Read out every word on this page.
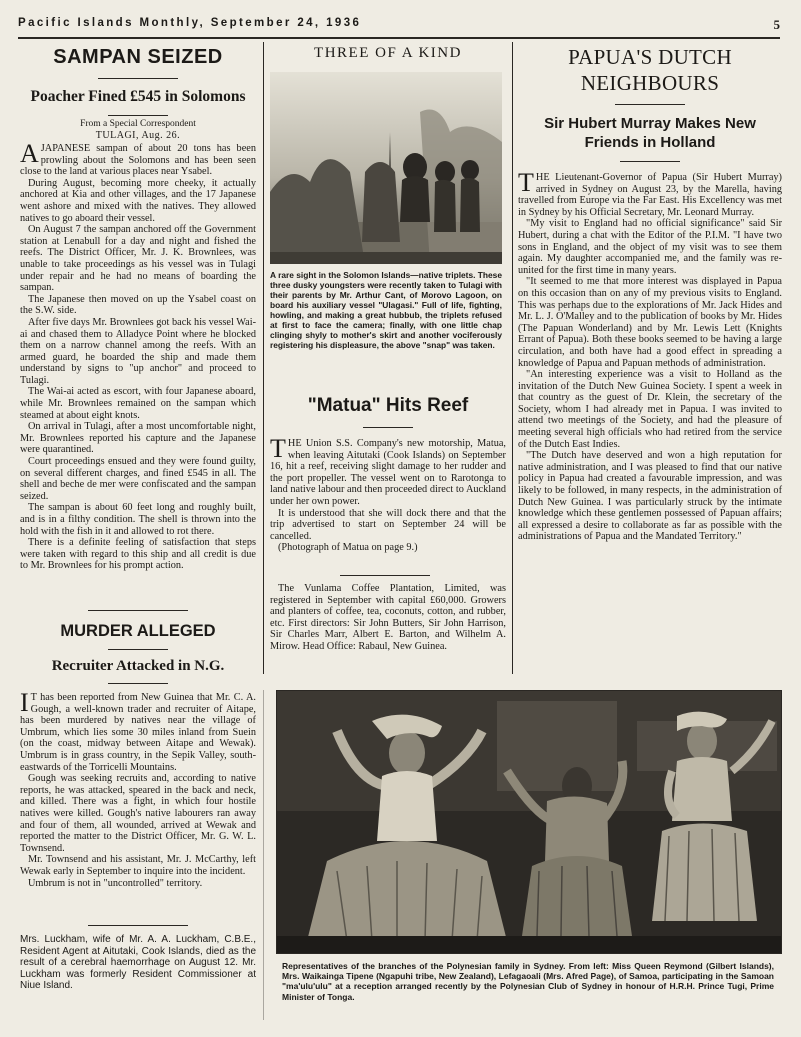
Pacific Islands Monthly, September 24, 1936	5
SAMPAN SEIZED
Poacher Fined £545 in Solomons

From a Special Correspondent

TULAGI, Aug. 26.

AJAPANESE sampan of about 20 tons has been prowling about the Solomons and has been seen close to the land at various places near Ysabel.

During August, becoming more cheeky, it actually anchored at Kia and other villages, and the 17 Japanese went ashore and mixed with the natives. They allowed natives to go aboard their vessel.

On August 7 the sampan anchored off the Government station at Lenabull for a day and night and fished the reefs. The District Officer, Mr. J. K. Brownlees, was unable to take proceedings as his vessel was in Tulagi under repair and he had no means of boarding the sampan.

The Japanese then moved on up the Ysabel coast on the S.W. side.

After five days Mr. Brownlees got back his vessel Wai-ai and chased them to Alladyce Point where he blocked them on a narrow channel among the reefs. With an armed guard, he boarded the ship and made them understand by signs to "up anchor" and proceed to Tulagi.

The Wai-ai acted as escort, with four Japanese aboard, while Mr. Brownlees remained on the sampan which steamed at about eight knots.

On arrival in Tulagi, after a most uncomfortable night, Mr. Brownlees reported his capture and the Japanese were quarantined.

Court proceedings ensued and they were found guilty, on several different charges, and fined £545 in all. The shell and beche de mer were confiscated and the sampan seized.

The sampan is about 60 feet long and roughly built, and is in a filthy condition. The shell is thrown into the hold with the fish in it and allowed to rot there.

There is a definite feeling of satisfaction that steps were taken with regard to this ship and all credit is due to Mr. Brownlees for his prompt action.

MURDER ALLEGED
Recruiter Attacked in N.G.

I T has been reported from New Guinea that Mr. C. A. Gough, a well-known trader and recruiter of Aitape, has been murdered by natives near the village of Umbrum, which lies some 30 miles inland from Suein (on the coast, midway between Aitape and Wewak). Umbrum is in grass country, in the Sepik Valley, south-eastwards of the Torricelli Mountains.

Gough was seeking recruits and, according to native reports, he was attacked, speared in the back and neck, and killed. There was a fight, in which four hostile natives were killed. Gough's native labourers ran away and four of them, all wounded, arrived at Wewak and reported the matter to the District Officer, Mr. G. W. L. Townsend.

Mr. Townsend and his assistant, Mr. J. McCarthy, left Wewak early in September to inquire into the incident.

Umbrum is not in "uncontrolled" territory.

Mrs. Luckham, wife of Mr. A. A. Luckham, C.B.E., Resident Agent at Aitutaki, Cook Islands, died as the result of a cerebral haemorrhage on August 12. Mr. Luckham was formerly Resident Commissioner at Niue Island.

THREE OF A KIND

A rare sight in the Solomon Islands—native triplets. These three dusky youngsters were recently taken to Tulagi with their parents by Mr. Arthur Cant, of Morovo Lagoon, on board his auxiliary vessel "Ulagasi." Full of life, fighting, howling, and making a great hubbub, the triplets refused at first to face the camera; finally, with one little chap clinging shyly to mother's skirt and another vociferously registering his displeasure, the above "snap" was taken.

"Matua" Hits Reef

THE Union S.S. Company's new motorship, Matua, when leaving Aitutaki (Cook Islands) on September 16, hit a reef, receiving slight damage to her rudder and the port propeller. The vessel went on to Rarotonga to land native labour and then proceeded direct to Auckland under her own power.

It is understood that she will dock there and that the trip advertised to start on September 24 will be cancelled.

(Photograph of Matua on page 9.)

The Vunlama Coffee Plantation, Limited, was registered in September with capital £60,000. Growers and planters of coffee, tea, coconuts, cotton, and rubber, etc. First directors: Sir John Butters, Sir John Harrison, Sir Charles Marr, Albert E. Barton, and Wilhelm A. Mirow. Head Office: Rabaul, New Guinea.

PAPUA'S DUTCH NEIGHBOURS
Sir Hubert Murray Makes New Friends in Holland

THE Lieutenant-Governor of Papua (Sir Hubert Murray) arrived in Sydney on August 23, by the Marella, having travelled from Europe via the Far East. His Excellency was met in Sydney by his Official Secretary, Mr. Leonard Murray.

"My visit to England had no official significance" said Sir Hubert, during a chat with the Editor of the P.I.M. "I have two sons in England, and the object of my visit was to see them again. My daughter accompanied me, and the family was re-united for the first time in many years.

"It seemed to me that more interest was displayed in Papua on this occasion than on any of my previous visits to England. This was perhaps due to the explorations of Mr. Jack Hides and Mr. L. J. O'Malley and to the publication of books by Mr. Hides (The Papuan Wonderland) and by Mr. Lewis Lett (Knights Errant of Papua). Both these books seemed to be having a large circulation, and both have had a good effect in spreading a knowledge of Papua and Papuan methods of administration.

"An interesting experience was a visit to Holland as the invitation of the Dutch New Guinea Society. I spent a week in that country as the guest of Dr. Klein, the secretary of the Society, whom I had already met in Papua. I was invited to attend two meetings of the Society, and had the pleasure of meeting several high officials who had retired from the service of the Dutch East Indies.

"The Dutch have deserved and won a high reputation for native administration, and I was pleased to find that our native policy in Papua had created a favourable impression, and was likely to be followed, in many respects, in the administration of Dutch New Guinea. I was particularly struck by the intimate knowledge which these gentlemen possessed of Papuan affairs; all expressed a desire to collaborate as far as possible with the administrations of Papua and the Mandated Territory."

Representatives of the branches of the Polynesian family in Sydney. From left: Miss Queen Reymond (Gilbert Islands), Mrs. Waikainga Tipene (Ngapuhi tribe, New Zealand), Lefagaoali (Mrs. Afred Page), of Samoa, participating in the Samoan "ma'ulu'ulu" at a reception arranged recently by the Polynesian Club of Sydney in honour of H.R.H. Prince Tugi, Prime Minister of Tonga.
